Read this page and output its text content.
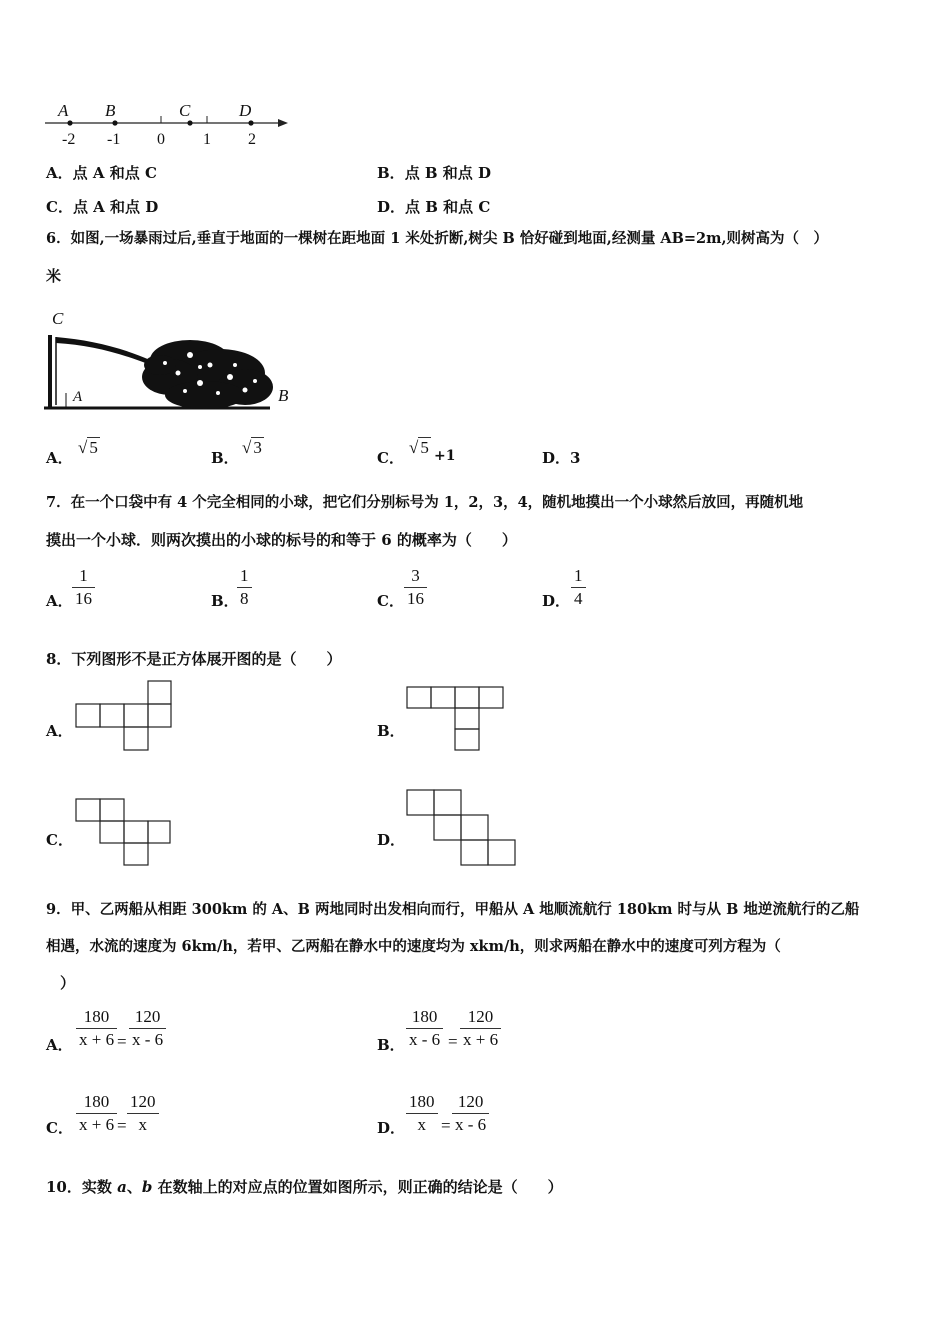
A B	C	D
-2 -1 0 1 2
A．点 A 和点 C	B．点 B 和点 D
C．点 A 和点 D	D．点 B 和点 C
6．如图,一场暴雨过后,垂直于地面的一棵树在距地面 1 米处折断,树尖 B 恰好碰到地面,经测量 AB=2m,则树高为（　）
米
C
A	B
A．
√ 5
B．
√ 3
C．
√ 5 +1	D．3
7．在一个口袋中有 4 个完全相同的小球，把它们分别标号为 1，2，3，4，随机地摸出一个小球然后放回，再随机地
摸出一个小球．则两次摸出的小球的标号的和等于 6 的概率为（　　）
A． $\frac{1}{16}$	B．
$\frac{1}{8}$	C． $\frac{3}{16}$	D． $\frac{1}{4}$
8．下列图形不是正方体展开图的是（　　）
A．	B．
C．	D．
9．甲、乙两船从相距 300km 的 A、B 两地同时出发相向而行，甲船从 A 地顺流航行 180km 时与从 B 地逆流航行的乙船
相遇，水流的速度为 6km/h，若甲、乙两船在静水中的速度均为 xkm/h，则求两船在静水中的速度可列方程为（
）
A． $\frac{180}{x + 6} = \frac{120}{x - 6}$	B． $\frac{180}{x - 6} = \frac{120}{x + 6}$
C． $\frac{180}{x + 6} = \frac{120}{x}$	D． $\frac{180}{x} = \frac{120}{x - 6}$
10．实数 a、b 在数轴上的对应点的位置如图所示，则正确的结论是（　　）
